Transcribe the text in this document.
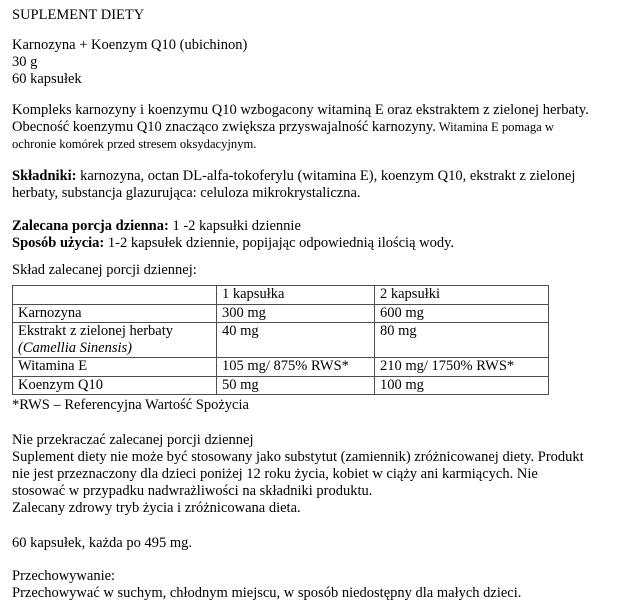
SUPLEMENT DIETY

Karnozyna + Koenzym Q10 (ubichinon)

30 g

60 kapsułek

Kompleks karnozyny i koenzymu Q10 wzbogacony witaminą E oraz ekstraktem z zielonej herbaty.

Obecność koenzymu Q10 znacząco zwiększa przyswajalność karnozyny. Witamina E pomaga w

ochronie komórek przed stresem oksydacyjnym.

Składniki: karnozyna, octan DL-alfa-tokoferylu (witamina E), koenzym Q10, ekstrakt z zielonej

herbaty, substancja glazurująca: celuloza mikrokrystaliczna.

Zalecana porcja dzienna: 1 -2 kapsułki dziennie

Sposób użycia: 1-2 kapsułek dziennie, popijając odpowiednią ilością wody.

Skład zalecanej porcji dziennej:

	1 kapsułka	2 kapsułki
Karnozyna	300 mg	600 mg
Ekstrakt z zielonej herbaty
(Camellia Sinensis)	40 mg	80 mg
Witamina E	105 mg/ 875% RWS*	210 mg/ 1750% RWS*
Koenzym Q10	50 mg	100 mg

*RWS – Referencyjna Wartość Spożycia

Nie przekraczać zalecanej porcji dziennej

Suplement diety nie może być stosowany jako substytut (zamiennik) zróżnicowanej diety. Produkt

nie jest przeznaczony dla dzieci poniżej 12 roku życia, kobiet w ciąży ani karmiących. Nie

stosować w przypadku nadwrażliwości na składniki produktu.

Zalecany zdrowy tryb życia i zróżnicowana dieta.

60 kapsułek, każda po 495 mg.

Przechowywanie:

Przechowywać w suchym, chłodnym miejscu, w sposób niedostępny dla małych dzieci.
